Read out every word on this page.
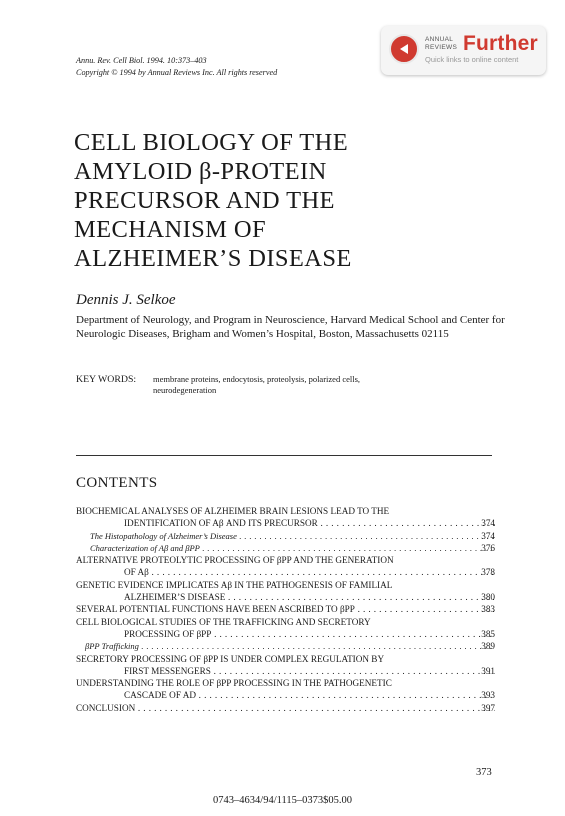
Annu. Rev. Cell Biol. 1994. 10:373–403
Copyright © 1994 by Annual Reviews Inc. All rights reserved
ANNUAL
REVIEWS Further
Quick links to online content
CELL BIOLOGY OF THE
AMYLOID β-PROTEIN
PRECURSOR AND THE
MECHANISM OF
ALZHEIMER’S DISEASE
Dennis J. Selkoe
Department of Neurology, and Program in Neuroscience, Harvard Medical School and Center for Neurologic Diseases, Brigham and Women’s Hospital, Boston, Massachusetts 02115
KEY WORDS: membrane proteins, endocytosis, proteolysis, polarized cells,
neurodegeneration
CONTENTS
BIOCHEMICAL ANALYSES OF ALZHEIMER BRAIN LESIONS LEAD TO THE
IDENTIFICATION OF Aβ AND ITS PRECURSOR . . .	374
The Histopathology of Alzheimer’s Disease . . .	374
Characterization of Aβ and βPP . . .	376
ALTERNATIVE PROTEOLYTIC PROCESSING OF βPP AND THE GENERATION
OF Aβ . . .	378
GENETIC EVIDENCE IMPLICATES Aβ IN THE PATHOGENESIS OF FAMILIAL
ALZHEIMER’S DISEASE . . .	380
SEVERAL POTENTIAL FUNCTIONS HAVE BEEN ASCRIBED TO βPP . . .	383
CELL BIOLOGICAL STUDIES OF THE TRAFFICKING AND SECRETORY
PROCESSING OF βPP . . .	385
βPP Trafficking . . .	389
SECRETORY PROCESSING OF βPP IS UNDER COMPLEX REGULATION BY
FIRST MESSENGERS . . .	391
UNDERSTANDING THE ROLE OF βPP PROCESSING IN THE PATHOGENETIC
CASCADE OF AD . . .	393
CONCLUSION . . .	397
373
0743–4634/94/1115–0373$05.00
